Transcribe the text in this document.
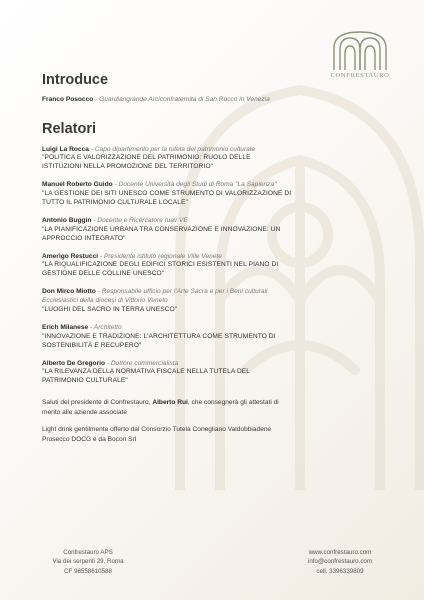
CONFRESTAURO
Introduce
Franco Posocco - Guardiangrande Arciconfraternita di San Rocco in Venezia
Relatori
Luigi La Rocca - Capo dipartimento per la tutela del patrimonio culturale
"POLITICA E VALORIZZAZIONE DEL PATRIMONIO: RUOLO DELLE ISTITUZIONI NELLA PROMOZIONE DEL TERRITORIO"
Manuel Roberto Guido - Docente Università degli Studi di Roma "La Sapienza"
"LA GESTIONE DEI SITI UNESCO COME STRUMENTO DI VALORIZZAZIONE DI TUTTO IL PATRIMONIO CULTURALE LOCALE"
Antonio Buggin - Docente e Ricercatore Iuav VE
"LA PIANIFICAZIONE URBANA TRA CONSERVAZIONE E INNOVAZIONE: UN APPROCCIO INTEGRATO"
Amerigo Restucci - Presidente istituto regionale Ville Venete
"LA RIQUALIFICAZIONE DEGLI EDIFICI STORICI ESISTENTI NEL PIANO DI GESTIONE DELLE COLLINE UNESCO"
Don Mirco Miotto - Responsabile ufficio per l'Arte Sacra e per i Beni culturali
Ecclesiastici della diocesi di Vittorio Veneto
"LUOGHI DEL SACRO IN TERRA UNESCO"
Erich Milanese - Architetto
"INNOVAZIONE E TRADIZIONE: L'ARCHITETTURA COME STRUMENTO DI SOSTENIBILITÀ E RECUPERO"
Alberto De Gregorio - Dottore commercialista
"LA RILEVANZA DELLA NORMATIVA FISCALE NELLA TUTELA DEL PATRIMONIO CULTURALE"
Saluti del presidente di Confrestauro, Alberto Rui, che consegnerà gli attestati di merito alle aziende associate
Light drink gentilmente offerto dal Consorzio Tutela Conegliano Valdobbiadene Prosecco DOCG e da Bocon Srl
Confrestauro APS
Via dei serpenti 29, Roma
CF 96558610588
www.confrestauro.com
info@confrestauro.com
cell. 3396339809
